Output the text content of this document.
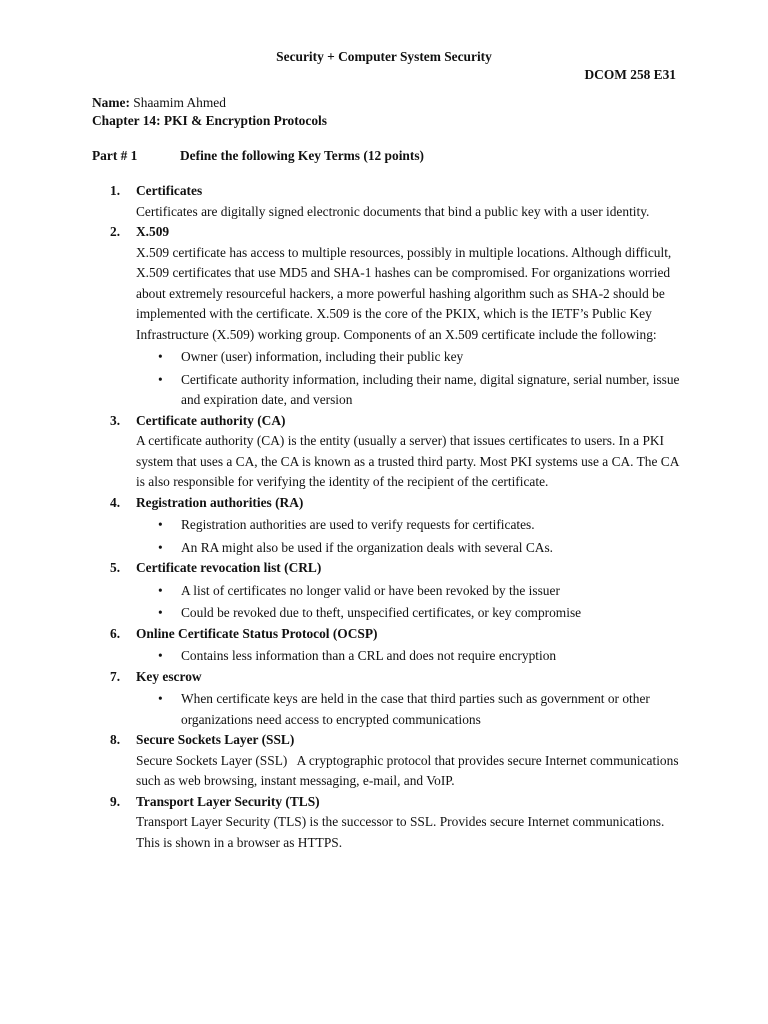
Security + Computer System Security
DCOM 258 E31
Name: Shaamim Ahmed
Chapter 14: PKI & Encryption Protocols
Part # 1	Define the following Key Terms (12 points)
1. Certificates
Certificates are digitally signed electronic documents that bind a public key with a user identity.
2. X.509
X.509 certificate has access to multiple resources, possibly in multiple locations. Although difficult, X.509 certificates that use MD5 and SHA-1 hashes can be compromised. For organizations worried about extremely resourceful hackers, a more powerful hashing algorithm such as SHA-2 should be implemented with the certificate. X.509 is the core of the PKIX, which is the IETF’s Public Key Infrastructure (X.509) working group. Components of an X.509 certificate include the following:
• Owner (user) information, including their public key
• Certificate authority information, including their name, digital signature, serial number, issue and expiration date, and version
3. Certificate authority (CA)
A certificate authority (CA) is the entity (usually a server) that issues certificates to users. In a PKI system that uses a CA, the CA is known as a trusted third party. Most PKI systems use a CA. The CA is also responsible for verifying the identity of the recipient of the certificate.
4. Registration authorities (RA)
• Registration authorities are used to verify requests for certificates.
• An RA might also be used if the organization deals with several CAs.
5. Certificate revocation list (CRL)
• A list of certificates no longer valid or have been revoked by the issuer
• Could be revoked due to theft, unspecified certificates, or key compromise
6. Online Certificate Status Protocol (OCSP)
• Contains less information than a CRL and does not require encryption
7. Key escrow
• When certificate keys are held in the case that third parties such as government or other organizations need access to encrypted communications
8. Secure Sockets Layer (SSL)
Secure Sockets Layer (SSL)   A cryptographic protocol that provides secure Internet communications such as web browsing, instant messaging, e-mail, and VoIP.
9. Transport Layer Security (TLS)
Transport Layer Security (TLS) is the successor to SSL. Provides secure Internet communications. This is shown in a browser as HTTPS.
